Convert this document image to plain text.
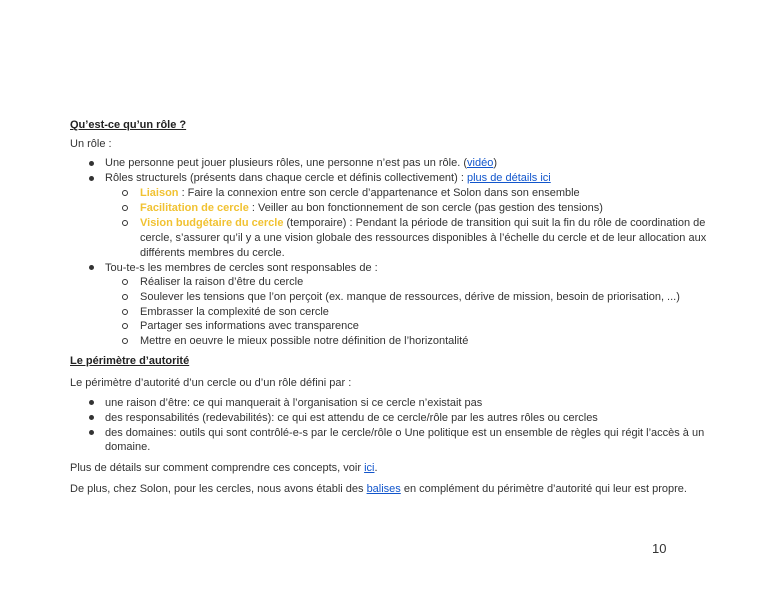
Qu’est-ce qu’un rôle ?
Un rôle :
Une personne peut jouer plusieurs rôles, une personne n’est pas un rôle. (vidéo)
Rôles structurels (présents dans chaque cercle et définis collectivement) : plus de détails ici
Liaison : Faire la connexion entre son cercle d’appartenance et Solon dans son ensemble
Facilitation de cercle : Veiller au bon fonctionnement de son cercle (pas gestion des tensions)
Vision budgétaire du cercle (temporaire) : Pendant la période de transition qui suit la fin du rôle de coordination de
cercle, s’assurer qu’il y a une vision globale des ressources disponibles à l’échelle du cercle et de leur allocation aux
différents membres du cercle.
Tou-te-s les membres de cercles sont responsables de :
Réaliser la raison d’être du cercle
Soulever les tensions que l’on perçoit (ex. manque de ressources, dérive de mission, besoin de priorisation, ...)
Embrasser la complexité de son cercle
Partager ses informations avec transparence
Mettre en oeuvre le mieux possible notre définition de l’horizontalité
Le périmètre d’autorité
Le périmètre d’autorité d’un cercle ou d’un rôle défini par :
une raison d’être: ce qui manquerait à l’organisation si ce cercle n’existait pas
des responsabilités (redevabilités): ce qui est attendu de ce cercle/rôle par les autres rôles ou cercles
des domaines: outils qui sont contrôlé-e-s par le cercle/rôle o Une politique est un ensemble de règles qui régit l’accès à un
domaine.
Plus de détails sur comment comprendre ces concepts, voir ici.
De plus, chez Solon, pour les cercles, nous avons établi des balises en complément du périmètre d’autorité qui leur est propre.
10
